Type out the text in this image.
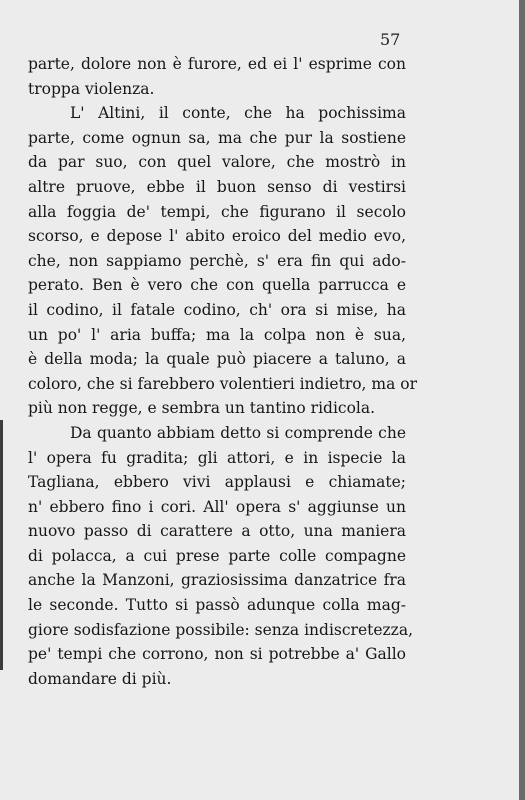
57
parte, dolore non è furore, ed ei l' esprime con
troppa violenza.
L' Altini, il conte, che ha pochissima
parte, come ognun sa, ma che pur la sostiene
da par suo, con quel valore, che mostrò in
altre pruove, ebbe il buon senso di vestirsi
alla foggia de' tempi, che figurano il secolo
scorso, e depose l' abito eroico del medio evo,
che, non sappiamo perchè, s' era fin qui ado-
perato. Ben è vero che con quella parrucca e
il codino, il fatale codino, ch' ora si mise, ha
un po' l' aria buffa; ma la colpa non è sua,
è della moda; la quale può piacere a taluno, a
coloro, che si farebbero volentieri indietro, ma or
più non regge, e sembra un tantino ridicola.
Da quanto abbiam detto si comprende che
l' opera fu gradita; gli attori, e in ispecie la
Tagliana, ebbero vivi applausi e chiamate;
n' ebbero fino i cori. All' opera s' aggiunse un
nuovo passo di carattere a otto, una maniera
di polacca, a cui prese parte colle compagne
anche la Manzoni, graziosissima danzatrice fra
le seconde. Tutto si passò adunque colla mag-
giore sodisfazione possibile: senza indiscretezza,
pe' tempi che corrono, non si potrebbe a' Gallo
domandare di più.
